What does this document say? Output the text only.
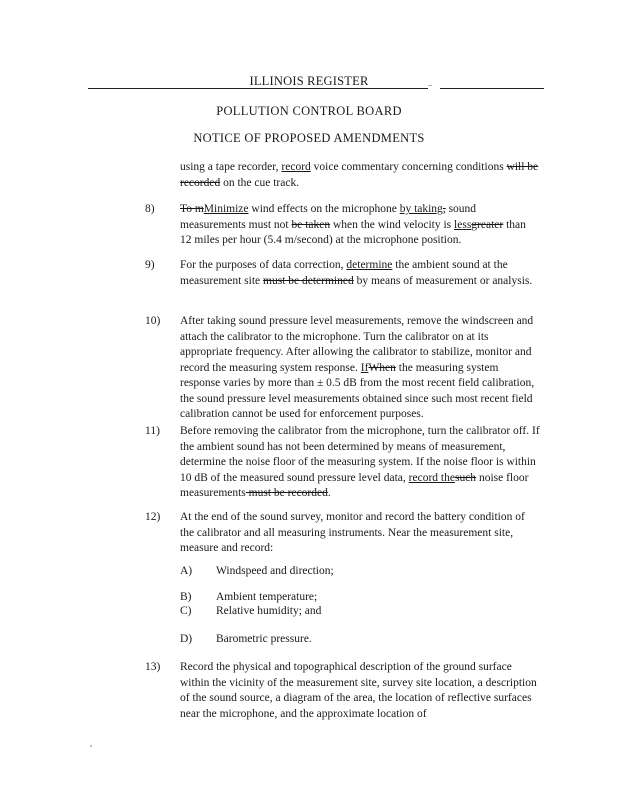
ILLINOIS REGISTER	..
POLLUTION CONTROL BOARD
NOTICE OF PROPOSED AMENDMENTS
using a tape recorder, record voice commentary concerning conditions will be recorded on the cue track.
8) To mMinimize wind effects on the microphone by taking, sound measurements must not be taken when the wind velocity is lessgreater than 12 miles per hour (5.4 m/second) at the microphone position.
9) For the purposes of data correction, determine the ambient sound at the measurement site must be determined by means of measurement or analysis.
10) After taking sound pressure level measurements, remove the windscreen and attach the calibrator to the microphone. Turn the calibrator on at its appropriate frequency. After allowing the calibrator to stabilize, monitor and record the measuring system response. IfWhen the measuring system response varies by more than ± 0.5 dB from the most recent field calibration, the sound pressure level measurements obtained since such most recent field calibration cannot be used for enforcement purposes.
11) Before removing the calibrator from the microphone, turn the calibrator off. If the ambient sound has not been determined by means of measurement, determine the noise floor of the measuring system. If the noise floor is within 10 dB of the measured sound pressure level data, record thesuch noise floor measurements must be recorded.
12) At the end of the sound survey, monitor and record the battery condition of the calibrator and all measuring instruments. Near the measurement site, measure and record:
A) Windspeed and direction;
B) Ambient temperature;
C) Relative humidity; and
D) Barometric pressure.
13) Record the physical and topographical description of the ground surface within the vicinity of the measurement site, survey site location, a description of the sound source, a diagram of the area, the location of reflective surfaces near the microphone, and the approximate location of
